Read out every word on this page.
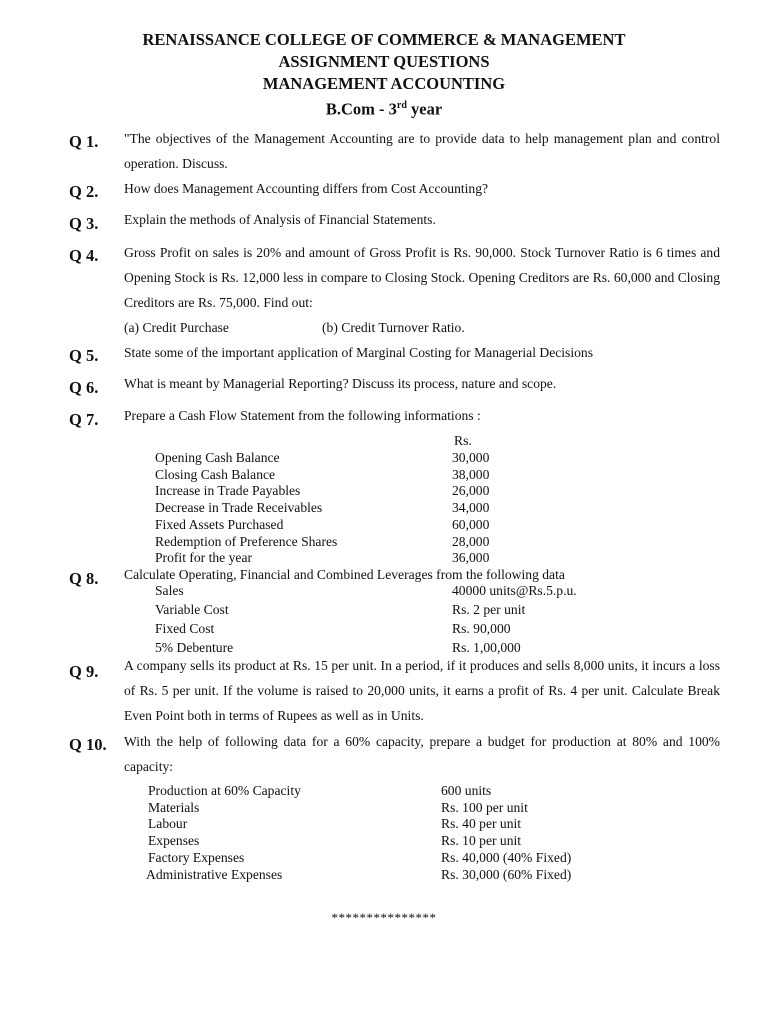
RENAISSANCE COLLEGE OF COMMERCE & MANAGEMENT
ASSIGNMENT QUESTIONS
MANAGEMENT ACCOUNTING
B.Com - 3rd year
Q 1. "The objectives of the Management Accounting are to provide data to help management plan and control operation. Discuss.
Q 2. How does Management Accounting differs from Cost Accounting?
Q 3. Explain the methods of Analysis of Financial Statements.
Q 4. Gross Profit on sales is 20% and amount of Gross Profit is Rs. 90,000. Stock Turnover Ratio is 6 times and Opening Stock is Rs. 12,000 less in compare to Closing Stock. Opening Creditors are Rs. 60,000 and Closing Creditors are Rs. 75,000. Find out:
(a) Credit Purchase	(b) Credit Turnover Ratio.
Q 5. State some of the important application of Marginal Costing for Managerial Decisions
Q 6. What is meant by Managerial Reporting? Discuss its process, nature and scope.
Q 7. Prepare a Cash Flow Statement from the following informations :
Rs.
Opening Cash Balance	30,000
Closing Cash Balance	38,000
Increase in Trade Payables	26,000
Decrease in Trade Receivables	34,000
Fixed Assets Purchased	60,000
Redemption of Preference Shares	28,000
Profit for the year	36,000
Q 8. Calculate Operating, Financial and Combined Leverages from the following data
Sales	40000 units@Rs.5.p.u.
Variable Cost	Rs. 2 per unit
Fixed Cost	Rs. 90,000
5% Debenture	Rs. 1,00,000
Q 9. A company sells its product at Rs. 15 per unit. In a period, if it produces and sells 8,000 units, it incurs a loss of Rs. 5 per unit. If the volume is raised to 20,000 units, it earns a profit of Rs. 4 per unit. Calculate Break Even Point both in terms of Rupees as well as in Units.
Q 10. With the help of following data for a 60% capacity, prepare a budget for production at 80% and 100% capacity:
Production at 60% Capacity	600 units
Materials	Rs. 100 per unit
Labour	Rs. 40 per unit
Expenses	Rs. 10 per unit
Factory Expenses	Rs. 40,000 (40% Fixed)
Administrative Expenses	Rs. 30,000 (60% Fixed)
***************
